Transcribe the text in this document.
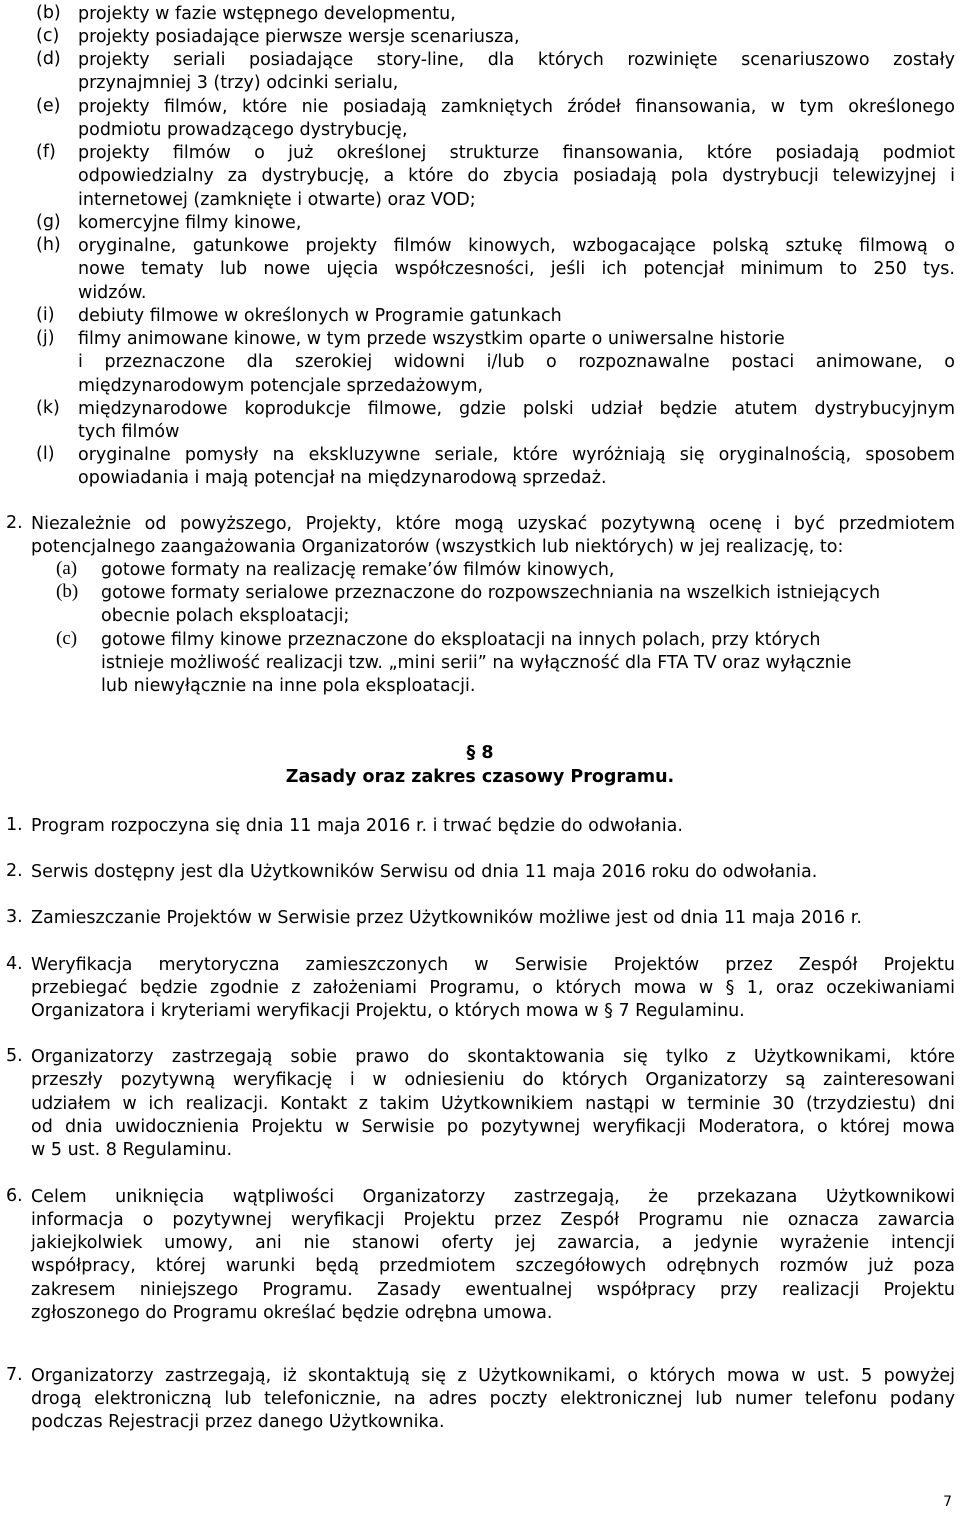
(b) projekty w fazie wstępnego developmentu,
(c) projekty posiadające pierwsze wersje scenariusza,
(d) projekty seriali posiadające story-line, dla których rozwinięte scenariuszowo zostały
przynajmniej 3 (trzy) odcinki serialu,
(e) projekty filmów, które nie posiadają zamkniętych źródeł finansowania, w tym określonego
podmiotu prowadzącego dystrybucję,
(f) projekty filmów o już określonej strukturze finansowania, które posiadają podmiot
odpowiedzialny za dystrybucję, a które do zbycia posiadają pola dystrybucji telewizyjnej i
internetowej (zamknięte i otwarte) oraz VOD;
(g) komercyjne filmy kinowe,
(h) oryginalne, gatunkowe projekty filmów kinowych, wzbogacające polską sztukę filmową o
nowe tematy lub nowe ujęcia współczesności, jeśli ich potencjał minimum to 250 tys.
widzów.
(i) debiuty filmowe w określonych w Programie gatunkach
(j) filmy animowane kinowe, w tym przede wszystkim oparte o uniwersalne historie
i przeznaczone dla szerokiej widowni i/lub o rozpoznawalne postaci animowane, o
międzynarodowym potencjale sprzedażowym,
(k) międzynarodowe koprodukcje filmowe, gdzie polski udział będzie atutem dystrybucyjnym
tych filmów
(l) oryginalne pomysły na ekskluzywne seriale, które wyróżniają się oryginalnością, sposobem
opowiadania i mają potencjał na międzynarodową sprzedaż.
2. Niezależnie od powyższego, Projekty, które mogą uzyskać pozytywną ocenę i być przedmiotem
potencjalnego zaangażowania Organizatorów (wszystkich lub niektórych) w jej realizację, to:
(a) gotowe formaty na realizację remake’ów filmów kinowych,
(b) gotowe formaty serialowe przeznaczone do rozpowszechniania na wszelkich istniejących
obecnie polach eksploatacji;
(c) gotowe filmy kinowe przeznaczone do eksploatacji na innych polach, przy których
istnieje możliwość realizacji tzw. „mini serii” na wyłączność dla FTA TV oraz wyłącznie
lub niewyłącznie na inne pola eksploatacji.
§ 8
Zasady oraz zakres czasowy Programu.
1. Program rozpoczyna się dnia 11 maja 2016 r. i trwać będzie do odwołania.
2. Serwis dostępny jest dla Użytkowników Serwisu od dnia 11 maja 2016 roku do odwołania.
3. Zamieszczanie Projektów w Serwisie przez Użytkowników możliwe jest od dnia 11 maja 2016 r.
4. Weryfikacja merytoryczna zamieszczonych w Serwisie Projektów przez Zespół Projektu
przebiegać będzie zgodnie z założeniami Programu, o których mowa w § 1, oraz oczekiwaniami
Organizatora i kryteriami weryfikacji Projektu, o których mowa w § 7 Regulaminu.
5. Organizatorzy zastrzegają sobie prawo do skontaktowania się tylko z Użytkownikami, które
przeszły pozytywną weryfikację i w odniesieniu do których Organizatorzy są zainteresowani
udziałem w ich realizacji. Kontakt z takim Użytkownikiem nastąpi w terminie 30 (trzydziestu) dni
od dnia uwidocznienia Projektu w Serwisie po pozytywnej weryfikacji Moderatora, o której mowa
w 5 ust. 8 Regulaminu.
6. Celem uniknięcia wątpliwości Organizatorzy zastrzegają, że przekazana Użytkownikowi
informacja o pozytywnej weryfikacji Projektu przez Zespół Programu nie oznacza zawarcia
jakiejkolwiek umowy, ani nie stanowi oferty jej zawarcia, a jedynie wyrażenie intencji
współpracy, której warunki będą przedmiotem szczegółowych odrębnych rozmów już poza
zakresem niniejszego Programu. Zasady ewentualnej współpracy przy realizacji Projektu
zgłoszonego do Programu określać będzie odrębna umowa.
7. Organizatorzy zastrzegają, iż skontaktują się z Użytkownikami, o których mowa w ust. 5 powyżej
drogą elektroniczną lub telefonicznie, na adres poczty elektronicznej lub numer telefonu podany
podczas Rejestracji przez danego Użytkownika.
7
